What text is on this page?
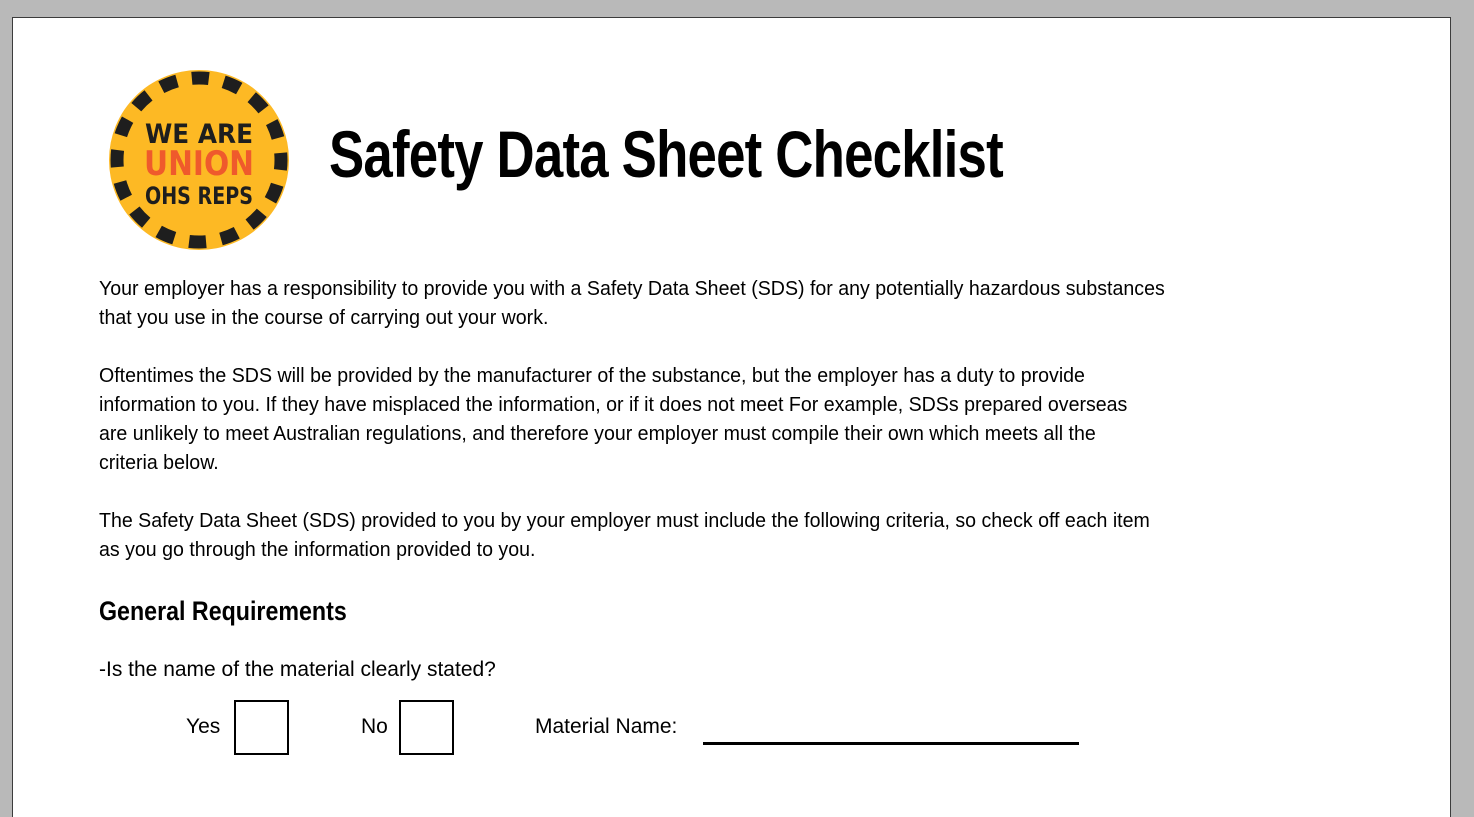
WE ARE
UNION
OHS REPS
Safety Data Sheet Checklist

Your employer has a responsibility to provide you with a Safety Data Sheet (SDS) for any potentially hazardous substances
that you use in the course of carrying out your work.

Oftentimes the SDS will be provided by the manufacturer of the substance, but the employer has a duty to provide
information to you. If they have misplaced the information, or if it does not meet For example, SDSs prepared overseas
are unlikely to meet Australian regulations, and therefore your employer must compile their own which meets all the
criteria below.

The Safety Data Sheet (SDS) provided to you by your employer must include the following criteria, so check off each item
as you go through the information provided to you.

General Requirements

-Is the name of the material clearly stated?

Yes	No	Material Name:
